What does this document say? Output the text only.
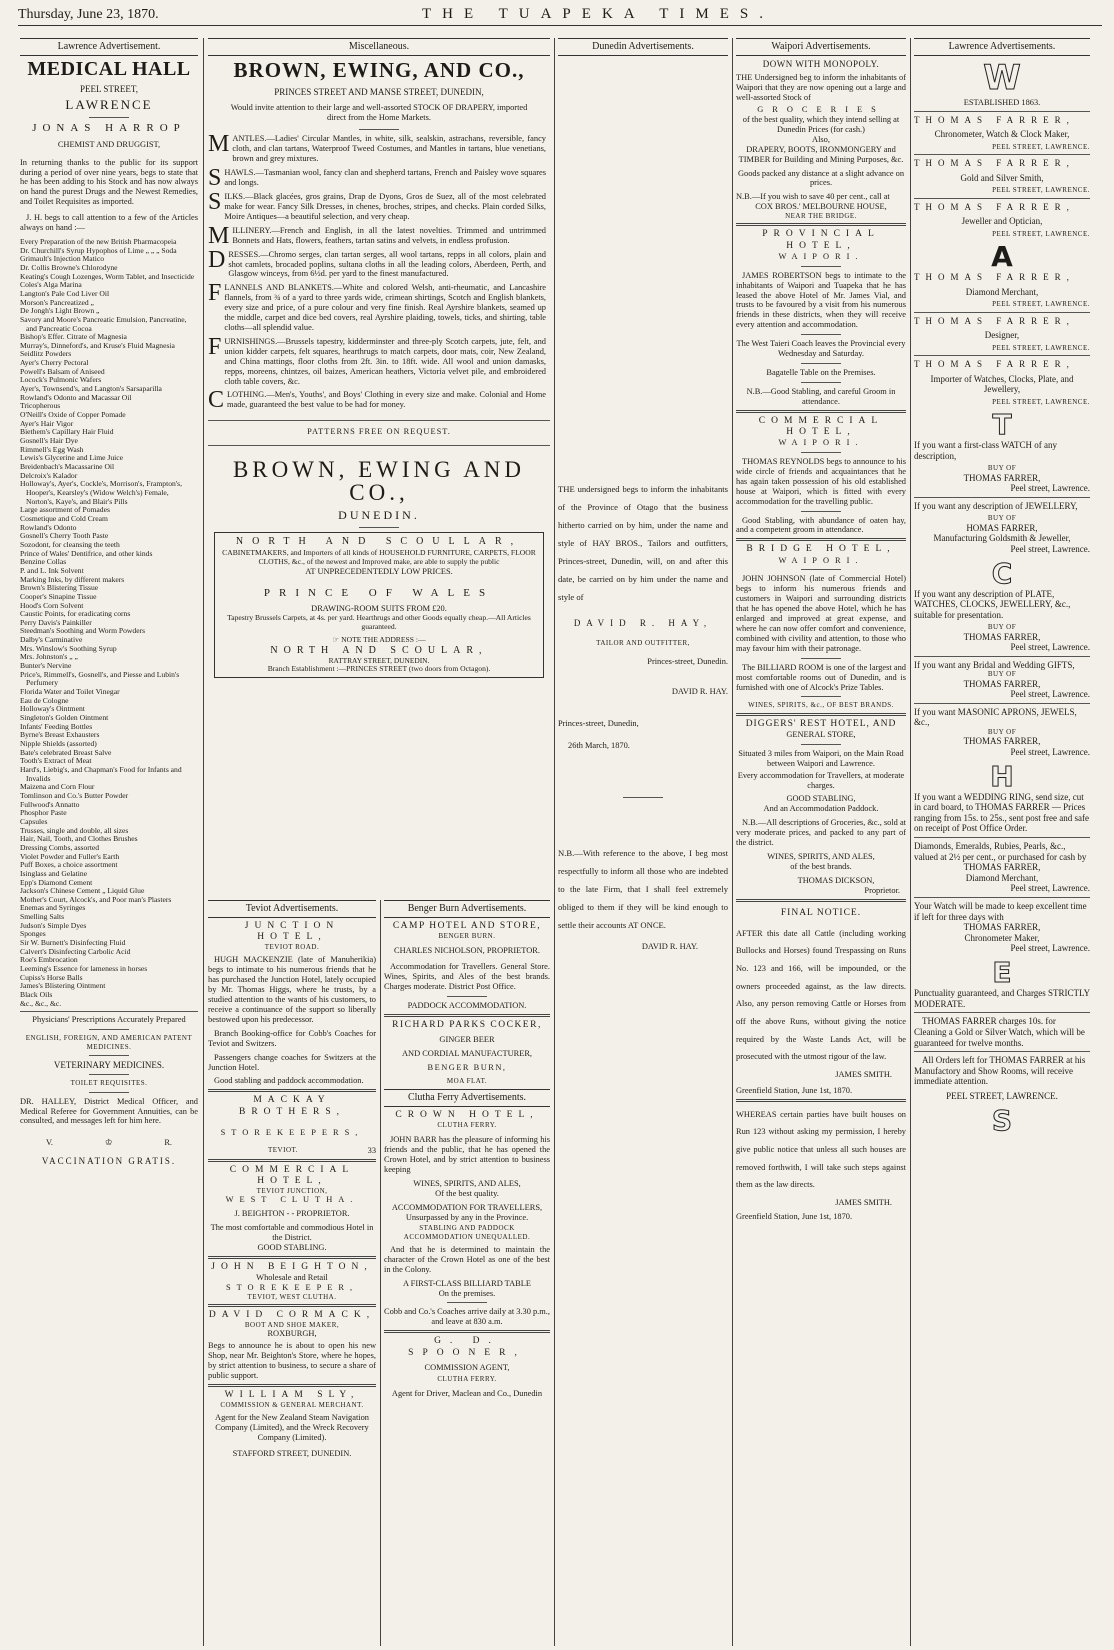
Thursday, June 23, 1870.	THE TUAPEKA TIMES.
Lawrence Advertisement.
MEDICAL HALL
PEEL STREET,
LAWRENCE
JONAS HARROP
CHEMIST AND DRUGGIST,
In returning thanks to the public for its support during a period of over nine years, begs to state that he has been adding to his Stock and has now always on hand the purest Drugs and the Newest Remedies, and Toilet Requisites as imported.
J. H. begs to call attention to a few of the Articles always on hand :—
Every Preparation of the new British Pharmacopeia
Dr. Churchill's Syrup Hypophos of Lime „ „ „ Soda
Grimault's Injection Matico
Dr. Collis Browne's Chlorodyne
Keating's Cough Lozenges, Worm Tablet, and Insecticide
Coles's Alga Marina
Langton's Pale Cod Liver Oil
Morson's Pancreatized „
De Jongh's Light Brown „
Savory and Moore's Pancreatic Emulsion, Pancreatine, and Pancreatic Cocoa
Bishop's Effer. Citrate of Magnesia
Murray's, Dinneford's, and Kruse's Fluid Magnesia
Seidlitz Powders
Ayer's Cherry Pectoral
Powell's Balsam of Aniseed
Locock's Pulmonic Wafers
Ayer's, Townsend's, and Langton's Sarsaparilla
Rowland's Odonto and Macassar Oil
Tricopherous
O'Neill's Oxide of Copper Pomade
Ayer's Hair Vigor
Biethem's Capillary Hair Fluid
Gosnell's Hair Dye
Rimmell's Egg Wash
Lewis's Glycerine and Lime Juice
Breidenbach's Macassarine Oil
Delcroix's Kalador
Holloway's, Ayer's, Cockle's, Morrison's, Frampton's, Hooper's, Kearsley's (Widow Welch's) Female, Norton's, Kaye's, and Blair's Pills
Large assortment of Pomades
Cosmetique and Cold Cream
Rowland's Odonto
Gosnell's Cherry Tooth Paste
Sozodont, for cleansing the teeth
Prince of Wales' Dentifrice, and other kinds
Benzine Collas
P. and L. Ink Solvent
Marking Inks, by different makers
Brown's Blistering Tissue
Cooper's Sinapine Tissue
Hood's Corn Solvent
Caustic Points, for eradicating corns
Perry Davis's Painkiller
Steedman's Soothing and Worm Powders
Dalby's Carminative
Mrs. Winslow's Soothing Syrup
Mrs. Johnston's „ „
Bunter's Nervine
Price's, Rimmell's, Gosnell's, and Piesse and Lubin's Perfumery
Florida Water and Toilet Vinegar
Eau de Cologne
Holloway's Ointment
Singleton's Golden Ointment
Infants' Feeding Bottles
Byrne's Breast Exhausters
Nipple Shields (assorted)
Bate's celebrated Breast Salve
Tooth's Extract of Meat
Hard's, Liebig's, and Chapman's Food for Infants and Invalids
Maizena and Corn Flour
Tomlinson and Co.'s Butter Powder
Fullwood's Annatto
Phosphor Paste
Capsules
Trusses, single and double, all sizes
Hair, Nail, Tooth, and Clothes Brushes
Dressing Combs, assorted
Violet Powder and Fuller's Earth
Puff Boxes, a choice assortment
Isinglass and Gelatine
Epp's Diamond Cement
Jackson's Chinese Cement „ Liquid Glue
Mother's Court, Alcock's, and Poor man's Plasters
Enemas and Syringes
Smelling Salts
Judson's Simple Dyes
Sponges
Sir W. Burnett's Disinfecting Fluid
Calvert's Disinfecting Carbolic Acid
Roe's Embrocation
Leeming's Essence for lameness in horses
Cupiss's Horse Balls
James's Blistering Ointment
Black Oils
&c., &c., &c.
Physicians' Prescriptions Accurately Prepared
ENGLISH, FOREIGN, AND AMERICAN PATENT MEDICINES.
VETERINARY MEDICINES.
TOILET REQUISITES.
DR. HALLEY, District Medical Officer, and Medical Referee for Government Annuities, can be consulted, and messages left for him here.
V.	♔	R.
VACCINATION GRATIS.
Miscellaneous.
BROWN, EWING, AND CO.,
PRINCES STREET AND MANSE STREET, DUNEDIN,
Would invite attention to their large and well-assorted STOCK OF DRAPERY, imported direct from the Home Markets.
M ANTLES.—Ladies' Circular Mantles, in white, silk, sealskin, astrachans, reversible, fancy cloth, and clan tartans, Waterproof Tweed Costumes, and Mantles in tartans, blue venetians, brown and grey mixtures.
S HAWLS.—Tasmanian wool, fancy clan and shepherd tartans, French and Paisley wove squares and longs.
S ILKS.—Black glacées, gros grains, Drap de Dyons, Gros de Suez, all of the most celebrated make for wear. Fancy Silk Dresses, in chenes, broches, stripes, and checks. Plain corded Silks, Moire Antiques—a beautiful selection, and very cheap.
M ILLINERY.—French and English, in all the latest novelties. Trimmed and untrimmed Bonnets and Hats, flowers, feathers, tartan satins and velvets, in endless profusion.
D RESSES.—Chromo serges, clan tartan serges, all wool tartans, repps in all colors, plain and shot camlets, brocaded poplins, sultana cloths in all the leading colors, Aberdeen, Perth, and Glasgow winceys, from 6½d. per yard to the finest manufactured.
F LANNELS AND BLANKETS.—White and colored Welsh, anti-rheumatic, and Lancashire flannels, from ¾ of a yard to three yards wide, crimean shirtings, Scotch and English blankets, every size and price, of a pure colour and very fine finish. Real Ayrshire blankets, seamed up the middle, carpet and dice bed covers, real Ayrshire plaiding, towels, ticks, and shirting, table cloths—all splendid value.
F URNISHINGS.—Brussels tapestry, kidderminster and three-ply Scotch carpets, jute, felt, and union kidder carpets, felt squares, hearthrugs to match carpets, door mats, coir, New Zealand, and China mattings, floor cloths from 2ft. 3in. to 18ft. wide. All wool and union damasks, repps, moreens, chintzes, oil baizes, American heathers, Victoria velvet pile, and embroidered cloth table covers, &c.
C LOTHING.—Men's, Youths', and Boys' Clothing in every size and make. Colonial and Home made, guaranteed the best value to be had for money.
PATTERNS FREE ON REQUEST.
BROWN, EWING AND CO.,
DUNEDIN.
NORTH AND SCOULLAR,
CABINETMAKERS, and Importers of all kinds of HOUSEHOLD FURNITURE, CARPETS, FLOOR CLOTHS, &c., of the newest and Improved make, are able to supply the public
AT UNPRECEDENTEDLY LOW PRICES.
PRINCE OF WALES
DRAWING-ROOM SUITS FROM £20.
Tapestry Brussels Carpets, at 4s. per yard. Hearthrugs and other Goods equally cheap.—All Articles guaranteed.
☞ NOTE THE ADDRESS :—
NORTH AND SCOULAR,
RATTRAY STREET, DUNEDIN.
Branch Establishment :—PRINCES STREET (two doors from Octagon).
Teviot Advertisements.
JUNCTION HOTEL,
TEVIOT ROAD.
HUGH MACKENZIE (late of Manuherikia) begs to intimate to his numerous friends that he has purchased the Junction Hotel, lately occupied by Mr. Thomas Higgs, where he trusts, by a studied attention to the wants of his customers, to receive a continuance of the support so liberally bestowed upon his predecessor.
Branch Booking-office for Cobb's Coaches for Teviot and Switzers.
Passengers change coaches for Switzers at the Junction Hotel.
Good stabling and paddock accommodation.
MACKAY BROTHERS,
STOREKEEPERS,
TEVIOT.	33
COMMERCIAL HOTEL,
TEVIOT JUNCTION,
WEST CLUTHA.
J. BEIGHTON - - PROPRIETOR.
The most comfortable and commodious Hotel in the District.
GOOD STABLING.
JOHN BEIGHTON,
Wholesale and Retail
STOREKEEPER,
TEVIOT, WEST CLUTHA.
DAVID CORMACK,
BOOT AND SHOE MAKER,
ROXBURGH,
Begs to announce he is about to open his new Shop, near Mr. Beighton's Store, where he hopes, by strict attention to business, to secure a share of public support.
WILLIAM SLY,
COMMISSION & GENERAL MERCHANT.
Agent for the New Zealand Steam Navigation Company (Limited), and the Wreck Recovery Company (Limited).
STAFFORD STREET, DUNEDIN.
Benger Burn Advertisements.
CAMP HOTEL AND STORE,
BENGER BURN.
CHARLES NICHOLSON, PROPRIETOR.
Accommodation for Travellers. General Store. Wines, Spirits, and Ales of the best brands. Charges moderate. District Post Office.
PADDOCK ACCOMMODATION.
RICHARD PARKS COCKER,
GINGER BEER
AND CORDIAL MANUFACTURER,
BENGER BURN,
MOA FLAT.
Clutha Ferry Advertisements.
CROWN HOTEL,
CLUTHA FERRY.
JOHN BARR has the pleasure of informing his friends and the public, that he has opened the Crown Hotel, and by strict attention to business keeping
WINES, SPIRITS, AND ALES,
Of the best quality.
ACCOMMODATION FOR TRAVELLERS,
Unsurpassed by any in the Province.
STABLING AND PADDOCK ACCOMMODATION UNEQUALLED.
And that he is determined to maintain the character of the Crown Hotel as one of the best in the Colony.
A FIRST-CLASS BILLIARD TABLE
On the premises.
Cobb and Co.'s Coaches arrive daily at 3.30 p.m., and leave at 830 a.m.
G. D. SPOONER,
COMMISSION AGENT,
CLUTHA FERRY.
Agent for Driver, Maclean and Co., Dunedin
Dunedin Advertisements.
THE undersigned begs to inform the inhabitants of the Province of Otago that the business hitherto carried on by him, under the name and style of HAY BROS., Tailors and outfitters, Princes-street, Dunedin, will, on and after this date, be carried on by him under the name and style of
DAVID R. HAY,
TAILOR AND OUTFITTER,
Princes-street, Dunedin.
DAVID R. HAY.
Princes-street, Dunedin,
26th March, 1870.
N.B.—With reference to the above, I beg most respectfully to inform all those who are indebted to the late Firm, that I shall feel extremely obliged to them if they will be kind enough to settle their accounts AT ONCE.
DAVID R. HAY.
Waipori Advertisements.
DOWN WITH MONOPOLY.
THE Undersigned beg to inform the inhabitants of Waipori that they are now opening out a large and well-assorted Stock of
GROCERIES
of the best quality, which they intend selling at Dunedin Prices (for cash.)
Also,
DRAPERY, BOOTS, IRONMONGERY and TIMBER for Building and Mining Purposes, &c.
Goods packed any distance at a slight advance on prices.
N.B.—If you wish to save 40 per cent., call at
COX BROS.' MELBOURNE HOUSE,
NEAR THE BRIDGE.
PROVINCIAL HOTEL,
WAIPORI.
JAMES ROBERTSON begs to intimate to the inhabitants of Waipori and Tuapeka that he has leased the above Hotel of Mr. James Vial, and trusts to be favoured by a visit from his numerous friends in these districts, when they will receive every attention and accommodation.
The West Taieri Coach leaves the Provincial every Wednesday and Saturday.
Bagatelle Table on the Premises.
N.B.—Good Stabling, and careful Groom in attendance.
COMMERCIAL HOTEL,
WAIPORI.
THOMAS REYNOLDS begs to announce to his wide circle of friends and acquaintances that he has again taken possession of his old established house at Waipori, which is fitted with every accommodation for the travelling public.
Good Stabling, with abundance of oaten hay, and a competent groom in attendance.
BRIDGE HOTEL,
WAIPORI.
JOHN JOHNSON (late of Commercial Hotel) begs to inform his numerous friends and customers in Waipori and surrounding districts that he has opened the above Hotel, which he has enlarged and improved at great expense, and where he can now offer comfort and convenience, combined with civility and attention, to those who may favour him with their patronage.
The BILLIARD ROOM is one of the largest and most comfortable rooms out of Dunedin, and is furnished with one of Alcock's Prize Tables.
WINES, SPIRITS, &c., OF BEST BRANDS.
DIGGERS' REST HOTEL, AND
GENERAL STORE,
Situated 3 miles from Waipori, on the Main Road between Waipori and Lawrence.
Every accommodation for Travellers, at moderate charges.
GOOD STABLING,
And an Accommodation Paddock.
N.B.—All descriptions of Groceries, &c., sold at very moderate prices, and packed to any part of the district.
WINES, SPIRITS, AND ALES,
of the best brands.
THOMAS DICKSON,
Proprietor.
FINAL NOTICE.
AFTER this date all Cattle (including working Bullocks and Horses) found Trespassing on Runs No. 123 and 166, will be impounded, or the owners proceeded against, as the law directs. Also, any person removing Cattle or Horses from off the above Runs, without giving the notice required by the Waste Lands Act, will be prosecuted with the utmost rigour of the law.
JAMES SMITH.
Greenfield Station, June 1st, 1870.
WHEREAS certain parties have built houses on Run 123 without asking my permission, I hereby give public notice that unless all such houses are removed forthwith, I will take such steps against them as the law directs.
JAMES SMITH.
Greenfield Station, June 1st, 1870.
Lawrence Advertisements.
W
ESTABLISHED 1863.
THOMAS FARRER,
Chronometer, Watch & Clock Maker,
PEEL STREET, LAWRENCE.
THOMAS FARRER,
Gold and Silver Smith,
PEEL STREET, LAWRENCE.
THOMAS FARRER,
Jeweller and Optician,
PEEL STREET, LAWRENCE.
A
THOMAS FARRER,
Diamond Merchant,
PEEL STREET, LAWRENCE.
THOMAS FARRER,
Designer,
PEEL STREET, LAWRENCE.
THOMAS FARRER,
Importer of Watches, Clocks, Plate, and Jewellery,
PEEL STREET, LAWRENCE.
T
If you want a first-class WATCH of any description,
BUY OF
THOMAS FARRER,
Peel street, Lawrence.
If you want any description of JEWELLERY,
BUY OF
HOMAS FARRER,
Manufacturing Goldsmith & Jeweller,
Peel street, Lawrence.
C
If you want any description of PLATE, WATCHES, CLOCKS, JEWELLERY, &c., suitable for presentation.
BUY OF
THOMAS FARRER,
Peel street, Lawrence.
If you want any Bridal and Wedding GIFTS,
BUY OF
THOMAS FARRER,
Peel street, Lawrence.
If you want MASONIC APRONS, JEWELS, &c.,
BUY OF
THOMAS FARRER,
Peel street, Lawrence.
H
If you want a WEDDING RING, send size, cut in card board, to THOMAS FARRER — Prices ranging from 15s. to 25s., sent post free and safe on receipt of Post Office Order.
Diamonds, Emeralds, Rubies, Pearls, &c., valued at 2½ per cent., or purchased for cash by
THOMAS FARRER,
Diamond Merchant,
Peel street, Lawrence.
Your Watch will be made to keep excellent time if left for three days with
THOMAS FARRER,
Chronometer Maker,
Peel street, Lawrence.
E
Punctuality guaranteed, and Charges STRICTLY MODERATE.
THOMAS FARRER charges 10s. for Cleaning a Gold or Silver Watch, which will be guaranteed for twelve months.
All Orders left for THOMAS FARRER at his Manufactory and Show Rooms, will receive immediate attention.
PEEL STREET, LAWRENCE.
S
